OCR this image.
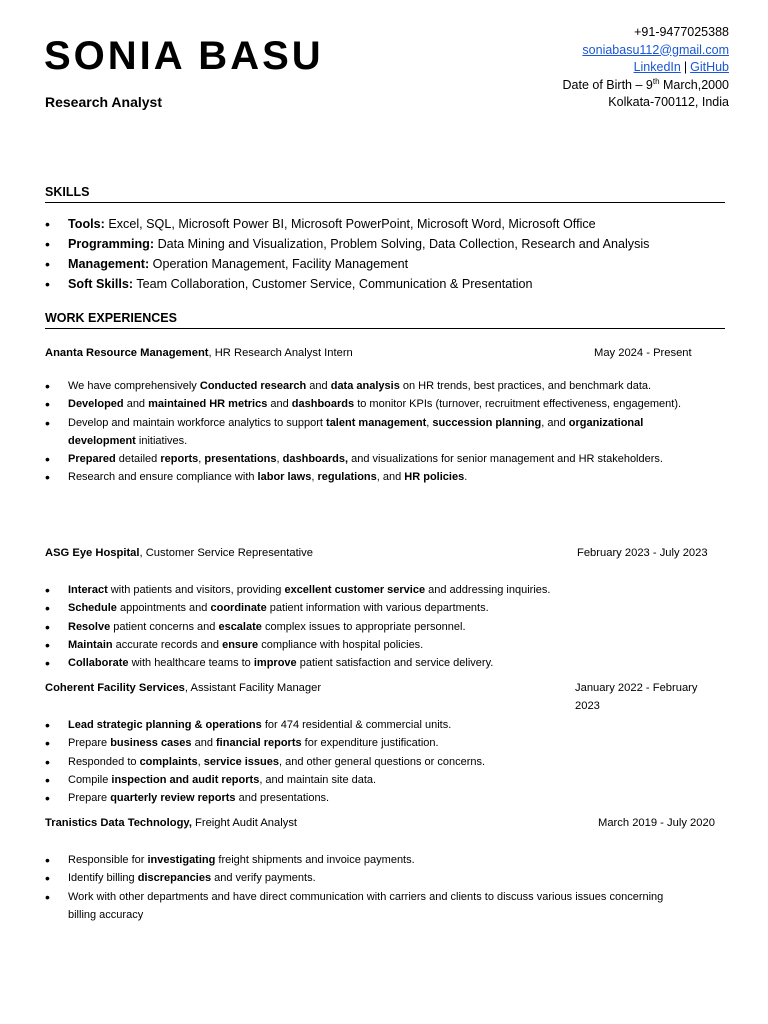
SONIA BASU
Research Analyst
+91-9477025388
soniabasu112@gmail.com
LinkedIn | GitHub
Date of Birth – 9th March,2000
Kolkata-700112, India
SKILLS
• Tools: Excel, SQL, Microsoft Power BI, Microsoft PowerPoint, Microsoft Word, Microsoft Office
• Programming: Data Mining and Visualization, Problem Solving, Data Collection, Research and Analysis
• Management: Operation Management, Facility Management
• Soft Skills: Team Collaboration, Customer Service, Communication & Presentation
WORK EXPERIENCES
Ananta Resource Management, HR Research Analyst Intern	May 2024 - Present
• We have comprehensively Conducted research and data analysis on HR trends, best practices, and benchmark data.
• Developed and maintained HR metrics and dashboards to monitor KPIs (turnover, recruitment effectiveness, engagement).
• Develop and maintain workforce analytics to support talent management, succession planning, and organizational development initiatives.
• Prepared detailed reports, presentations, dashboards, and visualizations for senior management and HR stakeholders.
• Research and ensure compliance with labor laws, regulations, and HR policies.
ASG Eye Hospital, Customer Service Representative	February 2023 - July 2023
• Interact with patients and visitors, providing excellent customer service and addressing inquiries.
• Schedule appointments and coordinate patient information with various departments.
• Resolve patient concerns and escalate complex issues to appropriate personnel.
• Maintain accurate records and ensure compliance with hospital policies.
• Collaborate with healthcare teams to improve patient satisfaction and service delivery.
Coherent Facility Services, Assistant Facility Manager	January 2022 - February 2023
• Lead strategic planning & operations for 474 residential & commercial units.
• Prepare business cases and financial reports for expenditure justification.
• Responded to complaints, service issues, and other general questions or concerns.
• Compile inspection and audit reports, and maintain site data.
• Prepare quarterly review reports and presentations.
Tranistics Data Technology, Freight Audit Analyst	March 2019 - July 2020
• Responsible for investigating freight shipments and invoice payments.
• Identify billing discrepancies and verify payments.
• Work with other departments and have direct communication with carriers and clients to discuss various issues concerning billing accuracy
